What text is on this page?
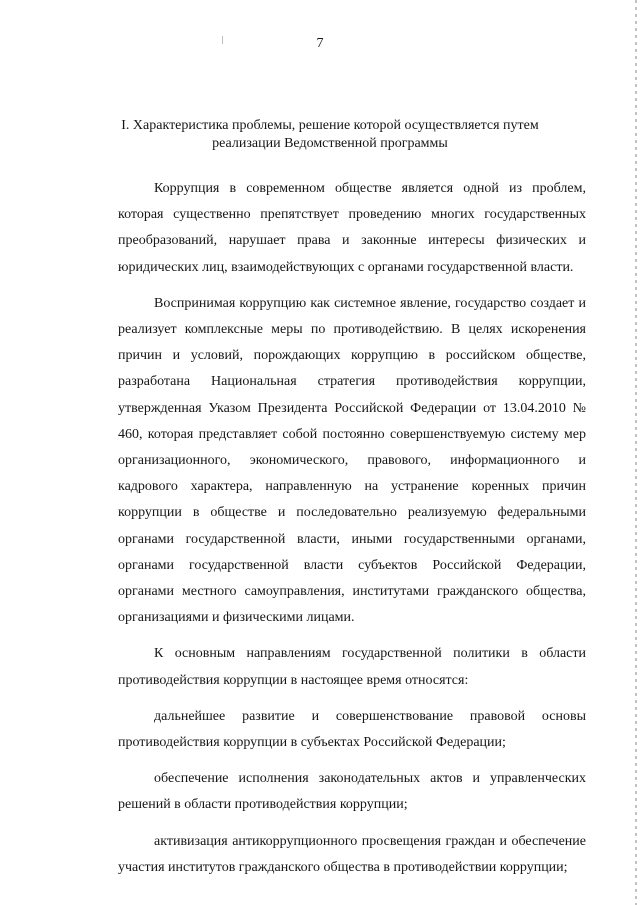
7
I. Характеристика проблемы, решение которой осуществляется путем реализации Ведомственной программы

Коррупция в современном обществе является одной из проблем, которая существенно препятствует проведению многих государственных преобразований, нарушает права и законные интересы физических и юридических лиц, взаимодействующих с органами государственной власти.

Воспринимая коррупцию как системное явление, государство создает и реализует комплексные меры по противодействию. В целях искоренения причин и условий, порождающих коррупцию в российском обществе, разработана Национальная стратегия противодействия коррупции, утвержденная Указом Президента Российской Федерации от 13.04.2010 № 460, которая представляет собой постоянно совершенствуемую систему мер организационного, экономического, правового, информационного и кадрового характера, направленную на устранение коренных причин коррупции в обществе и последовательно реализуемую федеральными органами государственной власти, иными государственными органами, органами государственной власти субъектов Российской Федерации, органами местного самоуправления, институтами гражданского общества, организациями и физическими лицами.

К основным направлениям государственной политики в области противодействия коррупции в настоящее время относятся:

дальнейшее развитие и совершенствование правовой основы противодействия коррупции в субъектах Российской Федерации;

обеспечение исполнения законодательных актов и управленческих решений в области противодействия коррупции;

активизация антикоррупционного просвещения граждан и обеспечение участия институтов гражданского общества в противодействии коррупции;
